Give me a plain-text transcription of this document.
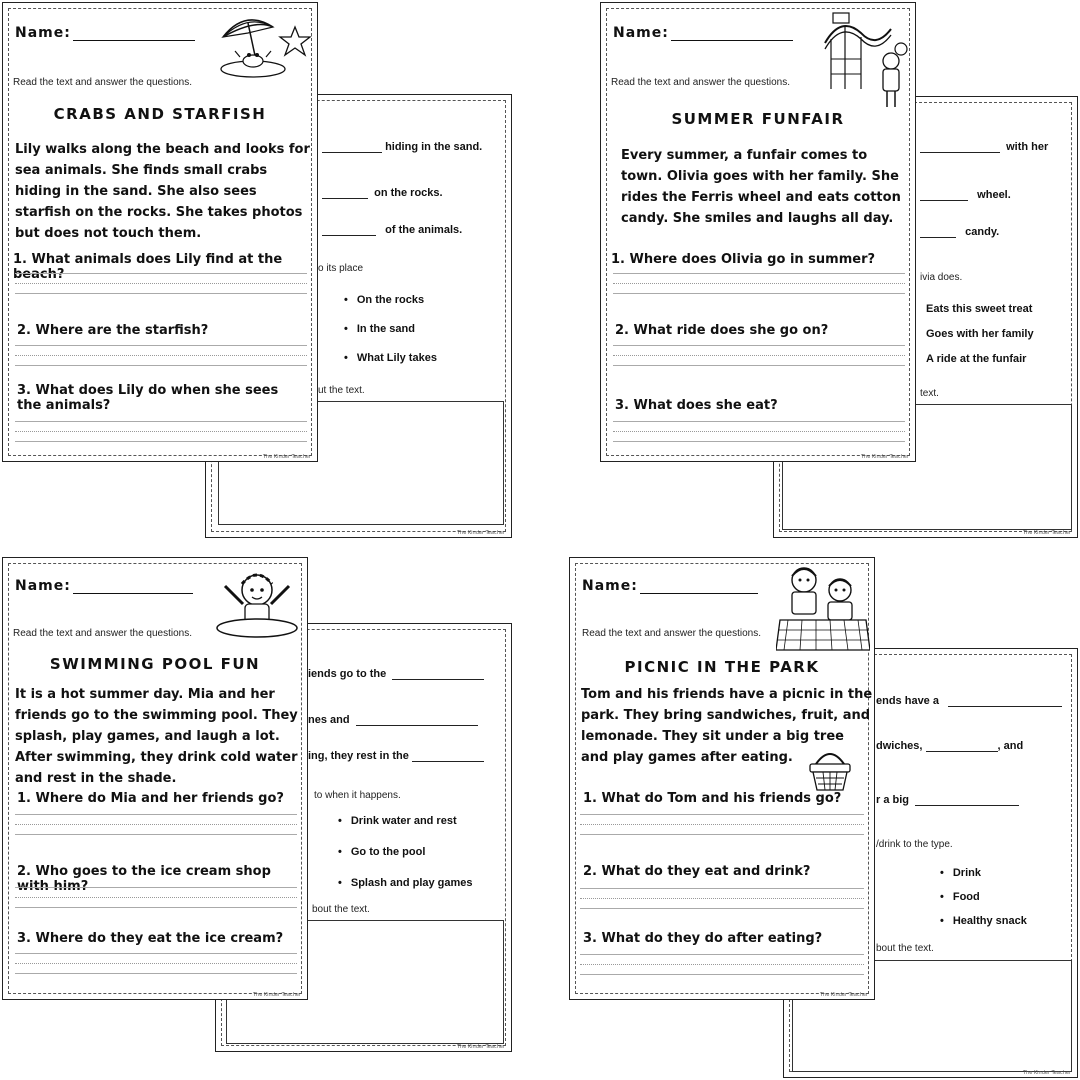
hiding in the sand.
on the rocks.
of the animals.
o its place
• On the rocks
• In the sand
• What Lily takes
ut the text.
The Kinder Teacher
Name:
Read the text and answer the questions.
CRABS AND STARFISH
Lily walks along the beach and looks for sea animals. She finds small crabs hiding in the sand. She also sees starfish on the rocks. She takes photos but does not touch them.
1. What animals does Lily find at the beach?
2. Where are the starfish?
3. What does Lily do when she sees the animals?
The Kinder Teacher
with her
wheel.
candy.
ivia does.
Eats this sweet treat
Goes with her family
A ride at the funfair
text.
The Kinder Teacher
Name:
Read the text and answer the questions.
SUMMER FUNFAIR
Every summer, a funfair comes to town. Olivia goes with her family. She rides the Ferris wheel and eats cotton candy. She smiles and laughs all day.
1. Where does Olivia go in summer?
2. What ride does she go on?
3. What does she eat?
The Kinder Teacher
iends go to the
nes and
ing, they rest in the
to when it happens.
• Drink water and rest
• Go to the pool
• Splash and play games
bout the text.
The Kinder Teacher
Name:
Read the text and answer the questions.
SWIMMING POOL FUN
It is a hot summer day. Mia and her friends go to the swimming pool. They splash, play games, and laugh a lot. After swimming, they drink cold water and rest in the shade.
1. Where do Mia and her friends go?
2. Who goes to the ice cream shop with him?
3. Where do they eat the ice cream?
The Kinder Teacher
ends have a
dwiches,	, and
r a big
/drink to the type.
• Drink
• Food
• Healthy snack
bout the text.
The Kinder Teacher
Name:
Read the text and answer the questions.
PICNIC IN THE PARK
Tom and his friends have a picnic in the park. They bring sandwiches, fruit, and lemonade. They sit under a big tree and play games after eating.
1. What do Tom and his friends go?
2. What do they eat and drink?
3. What do they do after eating?
The Kinder Teacher
